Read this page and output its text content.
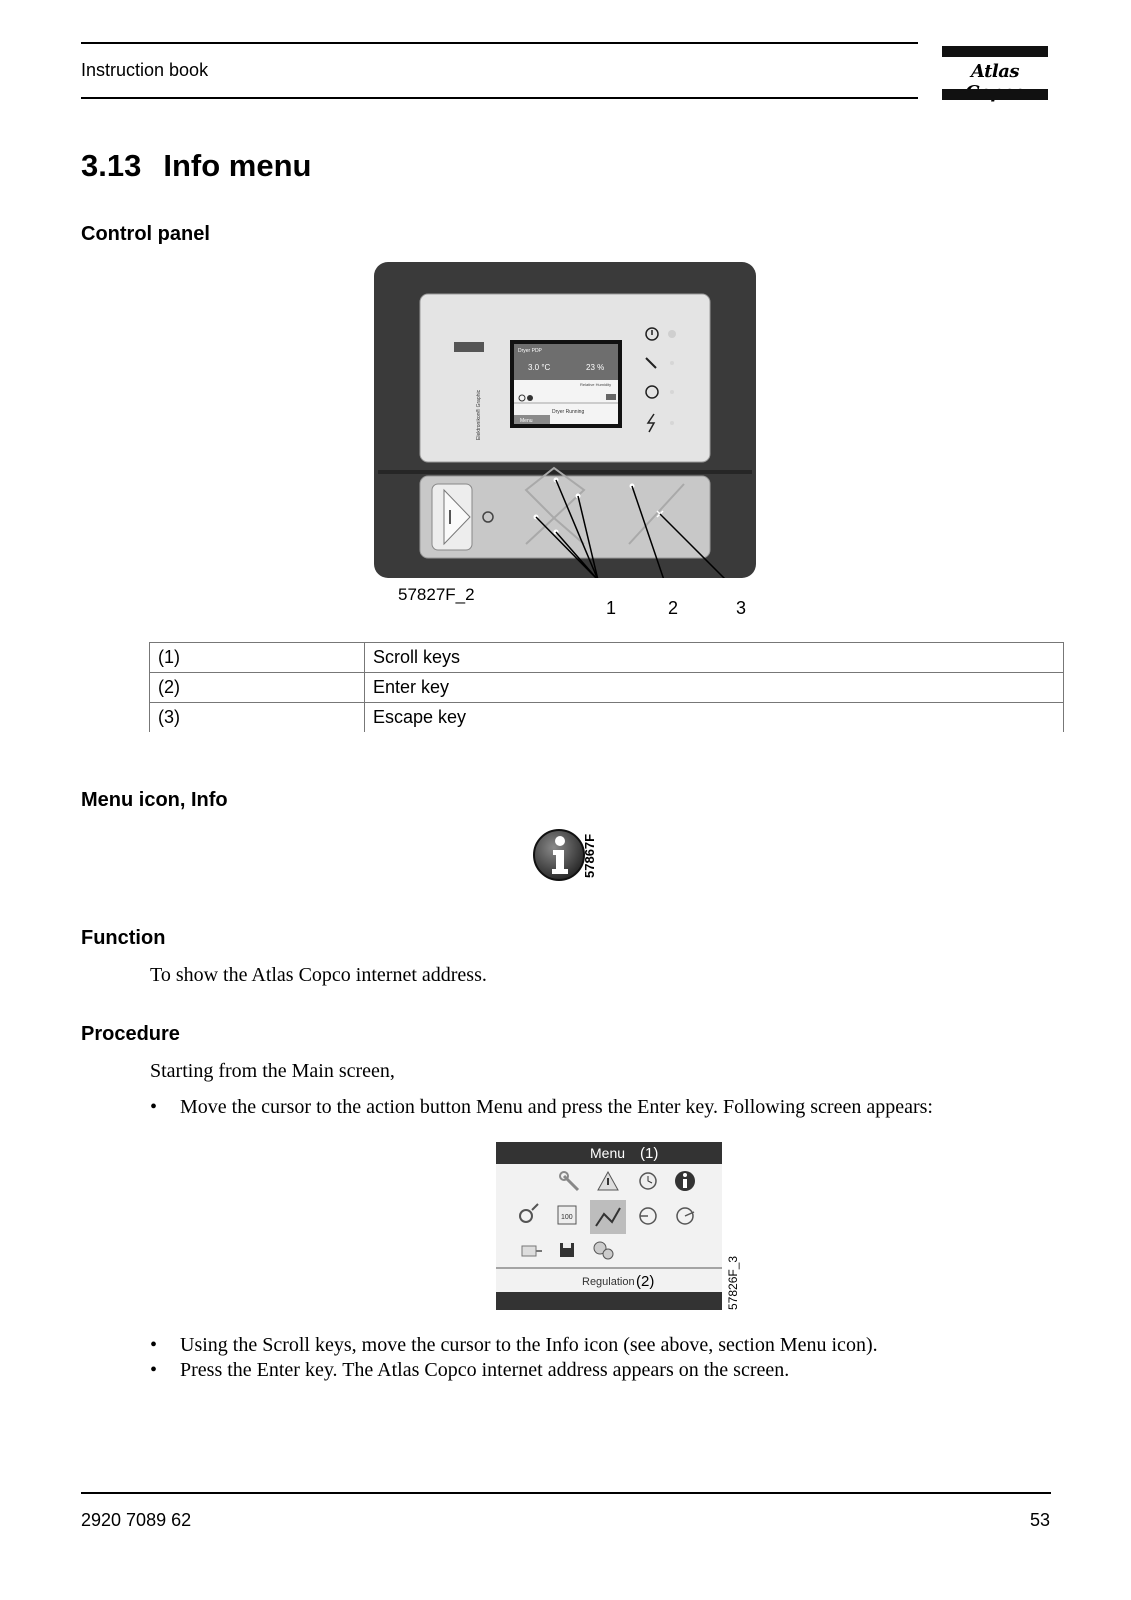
Instruction book	Atlas
3.13 Info menu
Control panel
Elektronikon® Graphic
Dryer PDP
3.0 °C	23 %
Relative Humidity
Dryer Running
Menu
57827F_2
1	2	3
(1)	Scroll keys
(2)	Enter key
(3)	Escape key
Menu icon, Info
57867F
Function
To show the Atlas Copco internet address.
Procedure
Starting from the Main screen,
• Move the cursor to the action button Menu and press the Enter key. Following screen appears:
Menu (1)
100
Regulation (2)	57826F_3
• Using the Scroll keys, move the cursor to the Info icon (see above, section Menu icon).
• Press the Enter key. The Atlas Copco internet address appears on the screen.
2920 7089 62	53
